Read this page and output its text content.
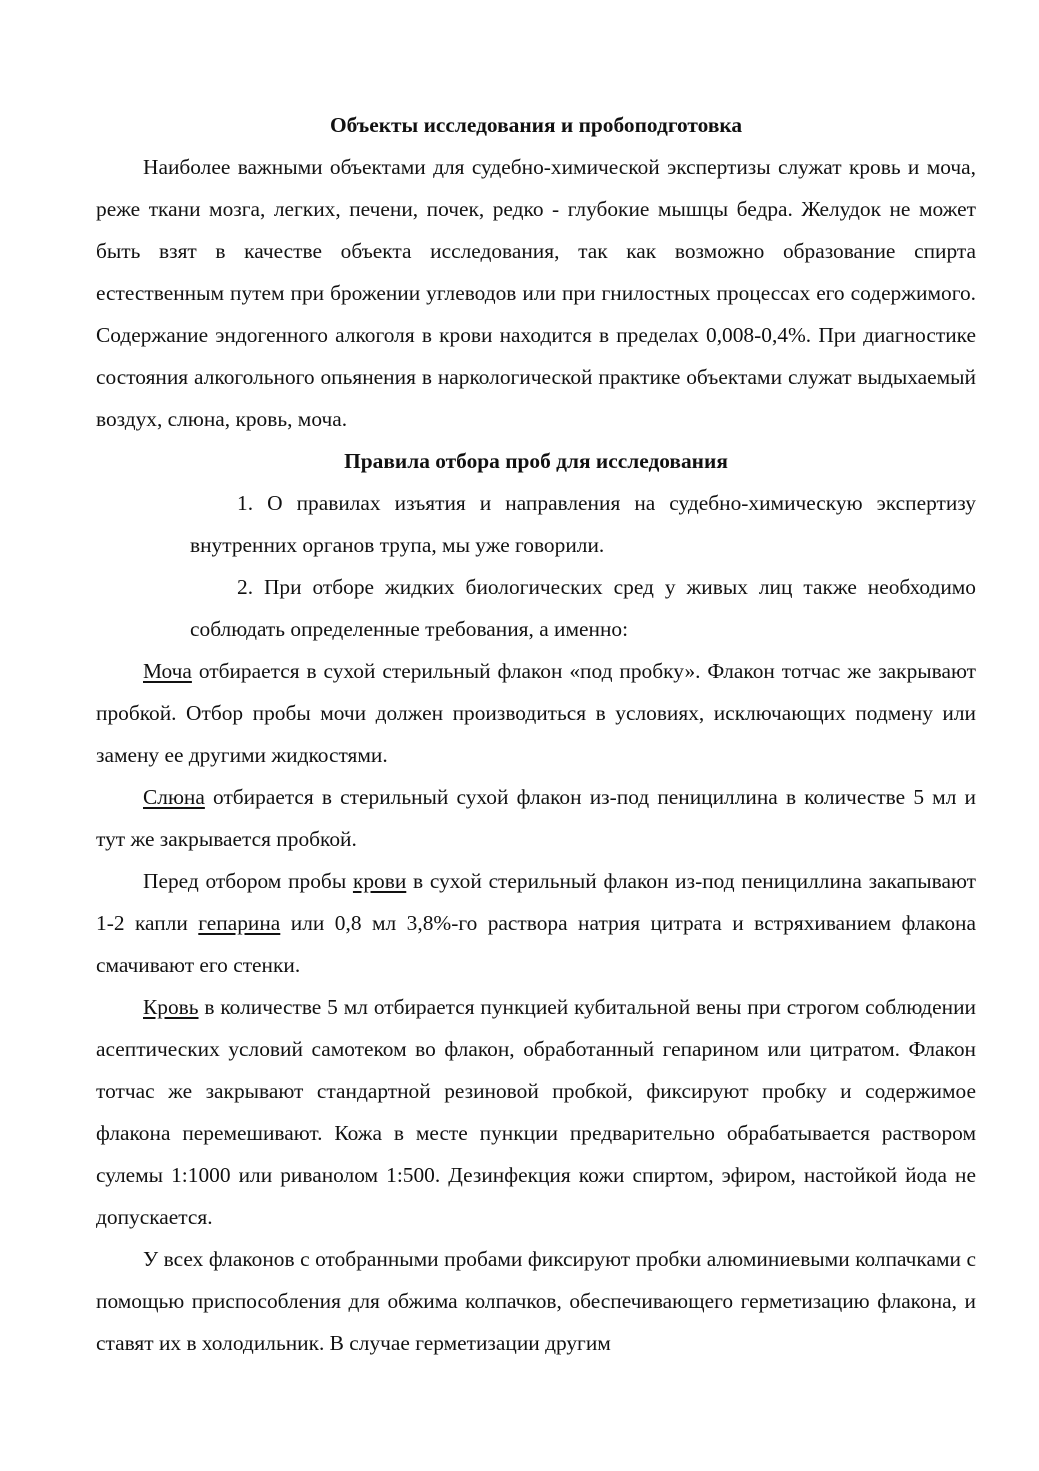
Объекты исследования и пробоподготовка

Наиболее важными объектами для судебно-химической экспертизы служат кровь и моча, реже ткани мозга, легких, печени, почек, редко - глубокие мышцы бедра. Желудок не может быть взят в качестве объекта исследования, так как возможно образование спирта естественным путем при брожении углеводов или при гнилостных процессах его содержимого. Содержание эндогенного алкоголя в крови находится в пределах 0,008-0,4%. При диагностике состояния алкогольного опьянения в наркологической практике объектами служат выдыхаемый воздух, слюна, кровь, моча.

Правила отбора проб для исследования

1. О правилах изъятия и направления на судебно-химическую экспертизу внутренних органов трупа, мы уже говорили.

2. При отборе жидких биологических сред у живых лиц также необходимо соблюдать определенные требования, а именно:

Моча отбирается в сухой стерильный флакон «под пробку». Флакон тотчас же закрывают пробкой. Отбор пробы мочи должен производиться в условиях, исключающих подмену или замену ее другими жидкостями.

Слюна отбирается в стерильный сухой флакон из-под пенициллина в количестве 5 мл и тут же закрывается пробкой.

Перед отбором пробы крови в сухой стерильный флакон из-под пенициллина закапывают 1-2 капли гепарина или 0,8 мл 3,8%-го раствора натрия цитрата и встряхиванием флакона смачивают его стенки.

Кровь в количестве 5 мл отбирается пункцией кубитальной вены при строгом соблюдении асептических условий самотеком во флакон, обработанный гепарином или цитратом. Флакон тотчас же закрывают стандартной резиновой пробкой, фиксируют пробку и содержимое флакона перемешивают. Кожа в месте пункции предварительно обрабатывается раствором сулемы 1:1000 или риванолом 1:500. Дезинфекция кожи спиртом, эфиром, настойкой йода не допускается.

У всех флаконов с отобранными пробами фиксируют пробки алюминиевыми колпачками с помощью приспособления для обжима колпачков, обеспечивающего герметизацию флакона, и ставят их в холодильник. В случае герметизации другим
